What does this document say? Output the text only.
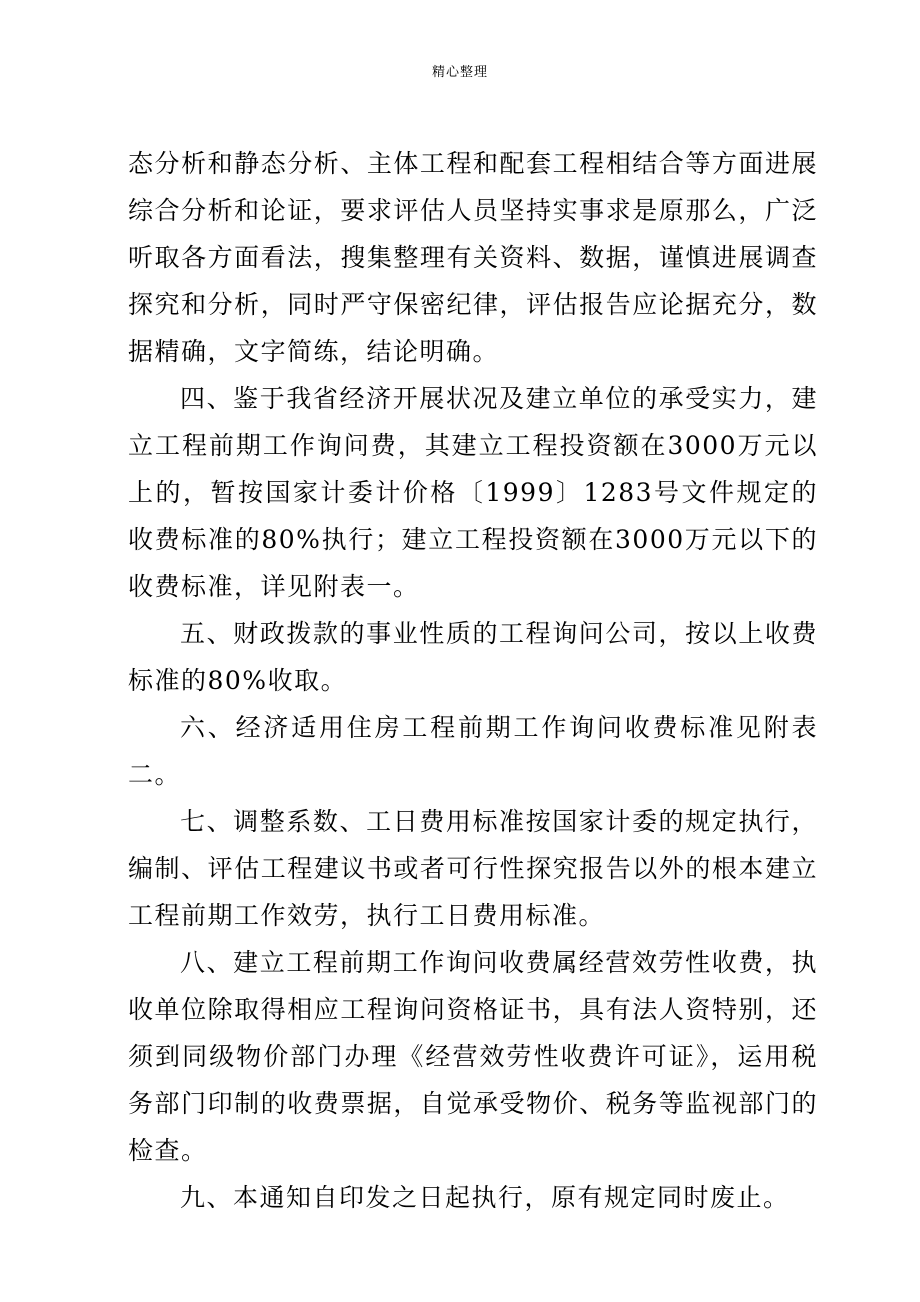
精心整理

态分析和静态分析、主体工程和配套工程相结合等方面进展综合分析和论证，要求评估人员坚持实事求是原那么，广泛听取各方面看法，搜集整理有关资料、数据，谨慎进展调查探究和分析，同时严守保密纪律，评估报告应论据充分，数据精确，文字简练，结论明确。

四、鉴于我省经济开展状况及建立单位的承受实力，建立工程前期工作询问费，其建立工程投资额在3000万元以上的，暂按国家计委计价格〔1999〕1283号文件规定的收费标准的80%执行；建立工程投资额在3000万元以下的收费标准，详见附表一。

五、财政拨款的事业性质的工程询问公司，按以上收费标准的80%收取。

六、经济适用住房工程前期工作询问收费标准见附表二。

七、调整系数、工日费用标准按国家计委的规定执行，编制、评估工程建议书或者可行性探究报告以外的根本建立工程前期工作效劳，执行工日费用标准。

八、建立工程前期工作询问收费属经营效劳性收费，执收单位除取得相应工程询问资格证书，具有法人资特别，还须到同级物价部门办理《经营效劳性收费许可证》，运用税务部门印制的收费票据，自觉承受物价、税务等监视部门的检查。

九、本通知自印发之日起执行，原有规定同时废止。
